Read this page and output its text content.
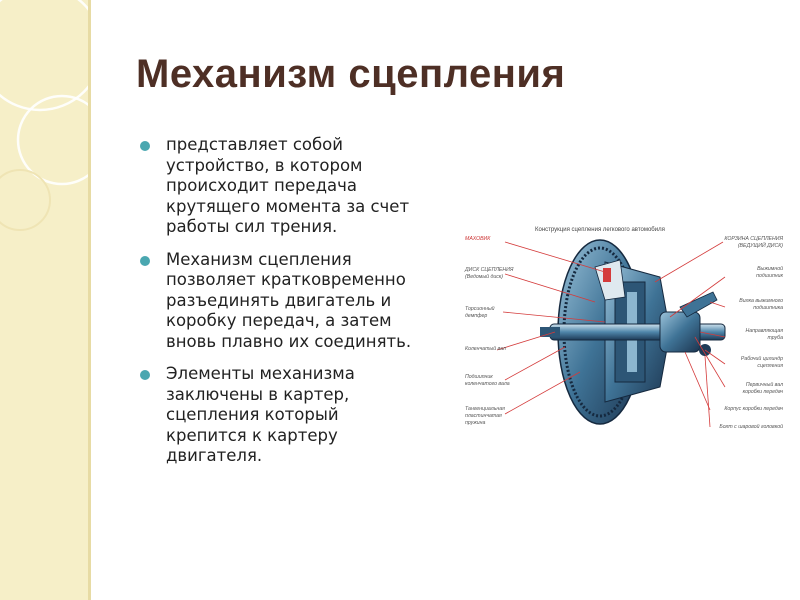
Механизм сцепления
представляет собой
устройство, в котором
происходит передача
крутящего момента за счет
работы сил трения.
Механизм сцепления
позволяет кратковременно
разъединять двигатель и
коробку передач, а затем
вновь плавно их соединять.
Элементы механизма
заключены в картер,
сцепления который
крепится к картеру
двигателя.
Конструкция сцепления легкового автомобиля
МАХОВИК
ДИСК СЦЕПЛЕНИЯ
(Ведомый диск)
Торсионный
демпфер
Коленчатый вал
Подшипник
коленчатого вала
Тангенциальная
пластинчатая
пружина
КОРЗИНА СЦЕПЛЕНИЯ
(ВЕДУЩИЙ ДИСК)
Выжимной
подшипник
Вилка выжимного
подшипника
Направляющая
труба
Рабочий цилиндр
сцепления
Первичный вал
коробки передач
Корпус коробки передач
Болт с шаровой головкой
